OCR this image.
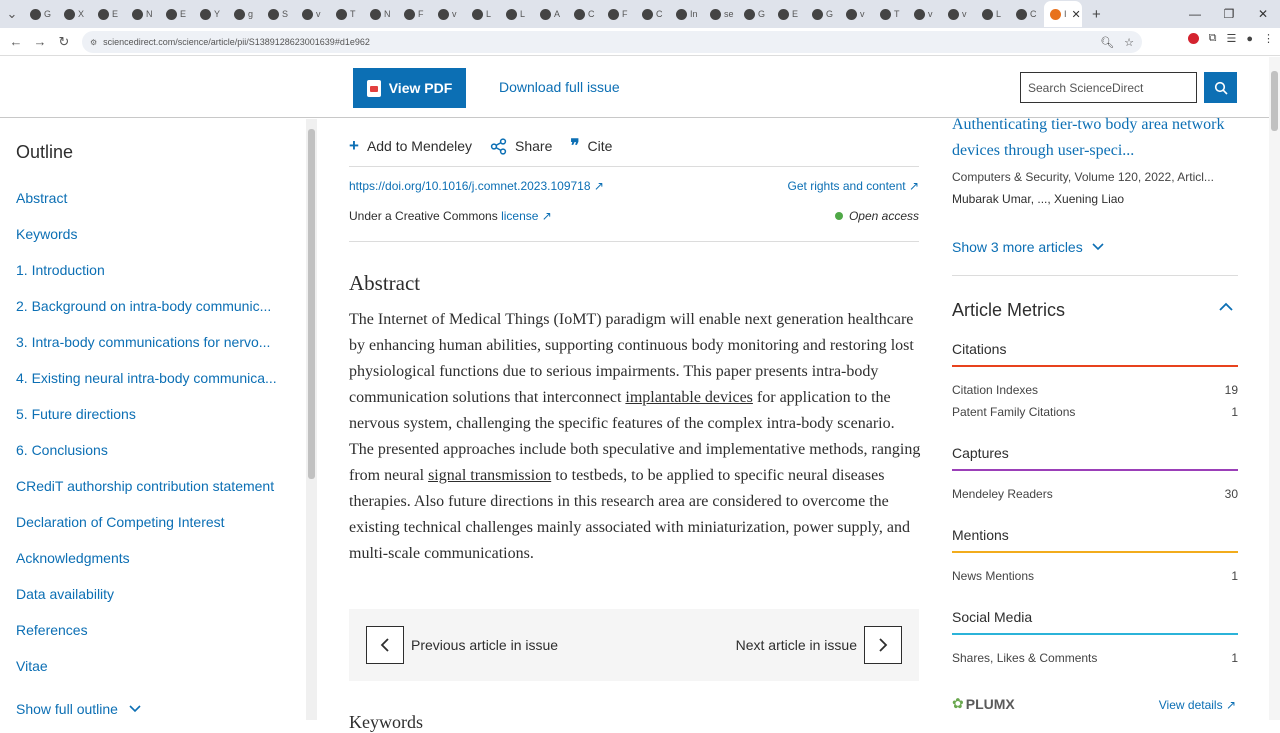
⌄	G	X	E	N	E	Y	g	S	v	T	N	F	v	L	L	A	C	F	C	In	se	G	E	G	v	T	v	v	L	C	I ✕ +	—	❐	✕
← → ↻	⚙ sciencedirect.com/science/article/pii/S1389128623001639#d1e962	🔍︎ ☆	⧉ ☰ ● ⋮
View PDF	Download full issue	Search ScienceDirect
Outline
Abstract
Keywords
1. Introduction
2. Background on intra-body communic...
3. Intra-body communications for nervo...
4. Existing neural intra-body communica...
5. Future directions
6. Conclusions
CRediT authorship contribution statement
Declaration of Competing Interest
Acknowledgments
Data availability
References
Vitae
Show full outline
+ Add to Mendeley	Share ❞ Cite
https://doi.org/10.1016/j.comnet.2023.109718 ↗	Get rights and content ↗
Under a Creative Commons license ↗	Open access
Abstract
The Internet of Medical Things (IoMT) paradigm will enable next generation healthcare by enhancing human abilities, supporting continuous body monitoring and restoring lost physiological functions due to serious impairments. This paper presents intra-body communication solutions that interconnect implantable devices for application to the nervous system, challenging the specific features of the complex intra-body scenario. The presented approaches include both speculative and implementative methods, ranging from neural signal transmission to testbeds, to be applied to specific neural diseases therapies. Also future directions in this research area are considered to overcome the existing technical challenges mainly associated with miniaturization, power supply, and multi-scale communications.
Previous article in issue	Next article in issue
Keywords
Authenticating tier-two body area network devices through user-speci...
Computers & Security, Volume 120, 2022, Articl...
Mubarak Umar, ..., Xuening Liao
Show 3 more articles
Article Metrics
Citations
Citation Indexes	19
Patent Family Citations	1
Captures
Mendeley Readers	30
Mentions
News Mentions	1
Social Media
Shares, Likes & Comments	1
✿ PLUMX	View details ↗
